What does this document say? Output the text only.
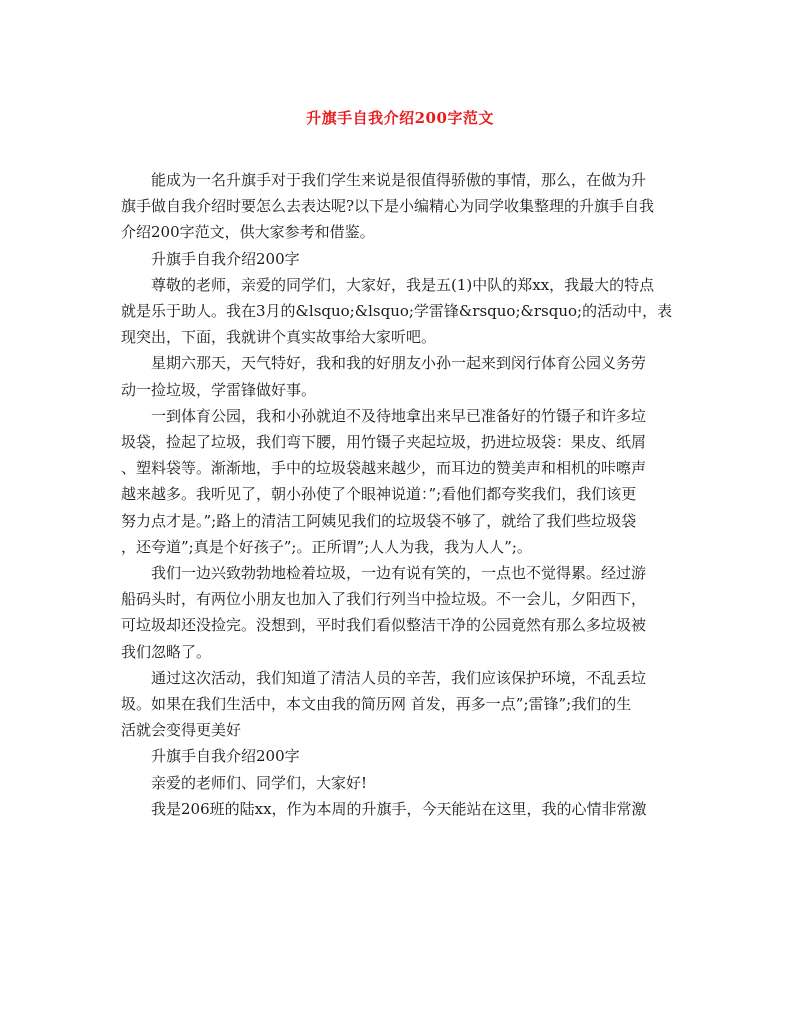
升旗手自我介绍200字范文
能成为一名升旗手对于我们学生来说是很值得骄傲的事情，那么，在做为升
旗手做自我介绍时要怎么去表达呢?以下是小编精心为同学收集整理的升旗手自我
介绍200字范文，供大家参考和借鉴。
升旗手自我介绍200字
尊敬的老师，亲爱的同学们，大家好，我是五(1)中队的郑xx，我最大的特点
就是乐于助人。我在3月的&lsquo;&lsquo;学雷锋&rsquo;&rsquo;的活动中，表
现突出，下面，我就讲个真实故事给大家听吧。
星期六那天，天气特好，我和我的好朋友小孙一起来到闵行体育公园义务劳
动一捡垃圾，学雷锋做好事。
一到体育公园，我和小孙就迫不及待地拿出来早已准备好的竹镊子和许多垃
圾袋，捡起了垃圾，我们弯下腰，用竹镊子夹起垃圾，扔进垃圾袋：果皮、纸屑
、塑料袋等。渐渐地，手中的垃圾袋越来越少，而耳边的赞美声和相机的咔嚓声
越来越多。我听见了，朝小孙使了个眼神说道：”;看他们都夸奖我们，我们该更
努力点才是。”;路上的清洁工阿姨见我们的垃圾袋不够了，就给了我们些垃圾袋
，还夸道”;真是个好孩子”;。正所谓”;人人为我，我为人人”;。
我们一边兴致勃勃地检着垃圾，一边有说有笑的，一点也不觉得累。经过游
船码头时，有两位小朋友也加入了我们行列当中捡垃圾。不一会儿，夕阳西下，
可垃圾却还没捡完。没想到，平时我们看似整洁干净的公园竟然有那么多垃圾被
我们忽略了。
通过这次活动，我们知道了清洁人员的辛苦，我们应该保护环境，不乱丢垃
圾。如果在我们生活中，本文由我的简历网 首发，再多一点”;雷锋”;我们的生
活就会变得更美好
升旗手自我介绍200字
亲爱的老师们、同学们，大家好!
我是206班的陆xx，作为本周的升旗手，今天能站在这里，我的心情非常激
